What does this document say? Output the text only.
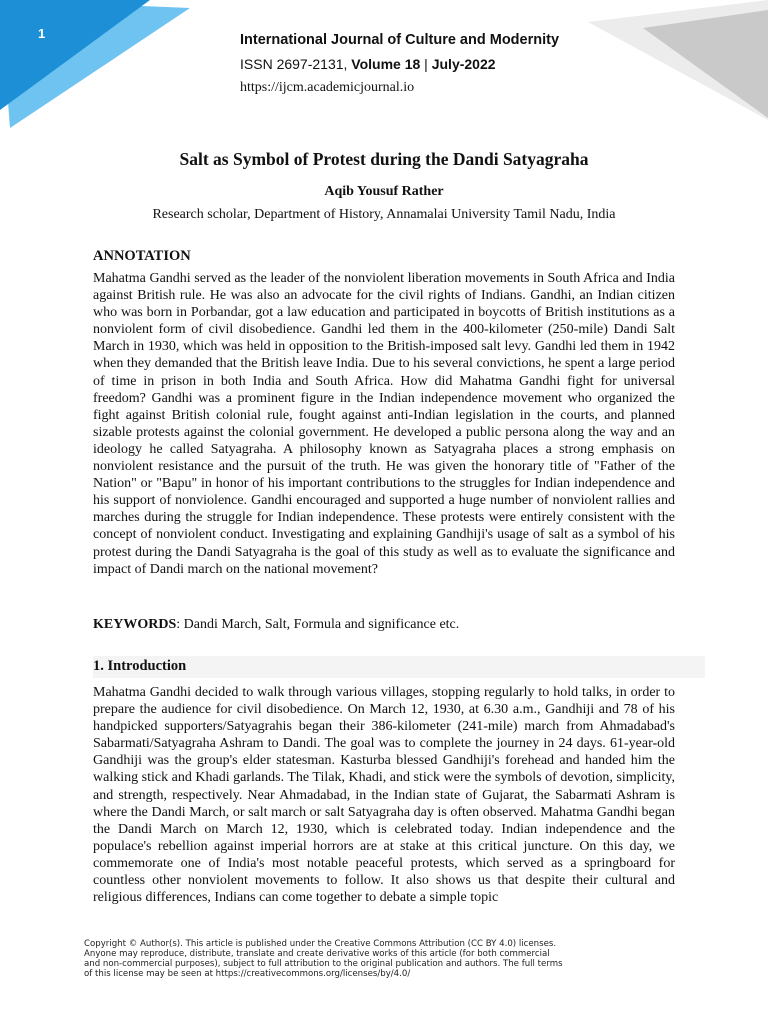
1	International Journal of Culture and Modernity
ISSN 2697-2131, Volume 18 | July-2022
https://ijcm.academicjournal.io
Salt as Symbol of Protest during the Dandi Satyagraha
Aqib Yousuf Rather
Research scholar, Department of History, Annamalai University Tamil Nadu, India
ANNOTATION

Mahatma Gandhi served as the leader of the nonviolent liberation movements in South Africa and India against British rule. He was also an advocate for the civil rights of Indians. Gandhi, an Indian citizen who was born in Porbandar, got a law education and participated in boycotts of British institutions as a nonviolent form of civil disobedience. Gandhi led them in the 400-kilometer (250-mile) Dandi Salt March in 1930, which was held in opposition to the British-imposed salt levy. Gandhi led them in 1942 when they demanded that the British leave India. Due to his several convictions, he spent a large period of time in prison in both India and South Africa. How did Mahatma Gandhi fight for universal freedom? Gandhi was a prominent figure in the Indian independence movement who organized the fight against British colonial rule, fought against anti-Indian legislation in the courts, and planned sizable protests against the colonial government. He developed a public persona along the way and an ideology he called Satyagraha. A philosophy known as Satyagraha places a strong emphasis on nonviolent resistance and the pursuit of the truth. He was given the honorary title of "Father of the Nation" or "Bapu" in honor of his important contributions to the struggles for Indian independence and his support of nonviolence. Gandhi encouraged and supported a huge number of nonviolent rallies and marches during the struggle for Indian independence. These protests were entirely consistent with the concept of nonviolent conduct. Investigating and explaining Gandhiji's usage of salt as a symbol of his protest during the Dandi Satyagraha is the goal of this study as well as to evaluate the significance and impact of Dandi march on the national movement?

KEYWORDS: Dandi March, Salt, Formula and significance etc.
1. Introduction

Mahatma Gandhi decided to walk through various villages, stopping regularly to hold talks, in order to prepare the audience for civil disobedience. On March 12, 1930, at 6.30 a.m., Gandhiji and 78 of his handpicked supporters/Satyagrahis began their 386-kilometer (241-mile) march from Ahmadabad's Sabarmati/Satyagraha Ashram to Dandi. The goal was to complete the journey in 24 days. 61-year-old Gandhiji was the group's elder statesman. Kasturba blessed Gandhiji's forehead and handed him the walking stick and Khadi garlands. The Tilak, Khadi, and stick were the symbols of devotion, simplicity, and strength, respectively. Near Ahmadabad, in the Indian state of Gujarat, the Sabarmati Ashram is where the Dandi March, or salt march or salt Satyagraha day is often observed. Mahatma Gandhi began the Dandi March on March 12, 1930, which is celebrated today. Indian independence and the populace's rebellion against imperial horrors are at stake at this critical juncture. On this day, we commemorate one of India's most notable peaceful protests, which served as a springboard for countless other nonviolent movements to follow. It also shows us that despite their cultural and religious differences, Indians can come together to debate a simple topic

Copyright © Author(s). This article is published under the Creative Commons Attribution (CC BY 4.0) licenses.
Anyone may reproduce, distribute, translate and create derivative works of this article (for both commercial
and non-commercial purposes), subject to full attribution to the original publication and authors. The full terms
of this license may be seen at https://creativecommons.org/licenses/by/4.0/
